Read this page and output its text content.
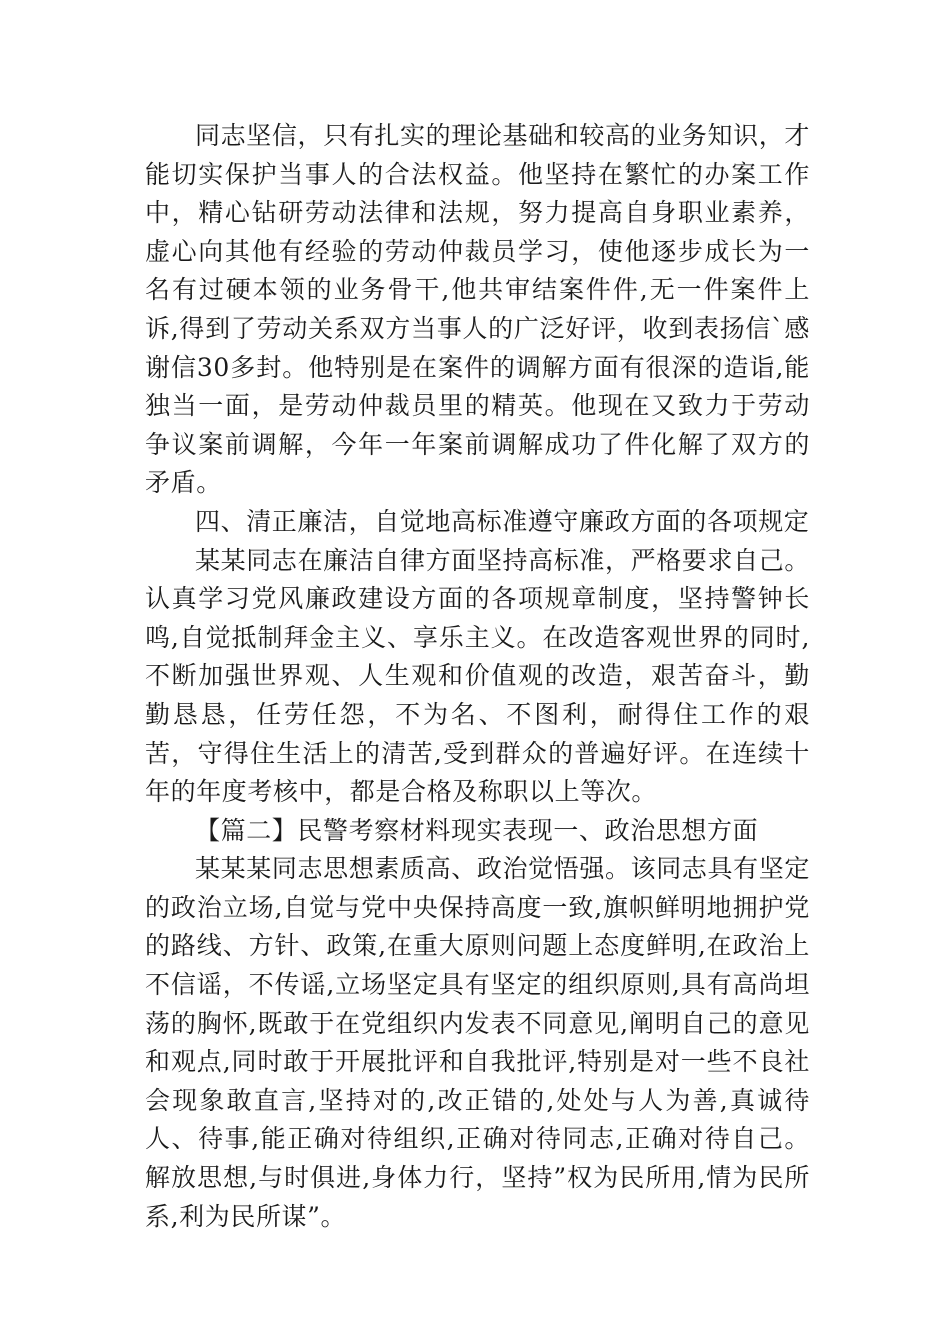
同志坚信，只有扎实的理论基础和较高的业务知识，才能切实保护当事人的合法权益。他坚持在繁忙的办案工作中，精心钻研劳动法律和法规，努力提高自身职业素养，虚心向其他有经验的劳动仲裁员学习，使他逐步成长为一名有过硬本领的业务骨干,他共审结案件件,无一件案件上诉,得到了劳动关系双方当事人的广泛好评，收到表扬信`感谢信30多封。他特别是在案件的调解方面有很深的造诣,能独当一面，是劳动仲裁员里的精英。他现在又致力于劳动争议案前调解，今年一年案前调解成功了件化解了双方的矛盾。

四、清正廉洁，自觉地高标准遵守廉政方面的各项规定

某某同志在廉洁自律方面坚持高标准，严格要求自己。认真学习党风廉政建设方面的各项规章制度，坚持警钟长鸣,自觉抵制拜金主义、享乐主义。在改造客观世界的同时,不断加强世界观、人生观和价值观的改造，艰苦奋斗，勤勤恳恳，任劳任怨，不为名、不图利，耐得住工作的艰苦，守得住生活上的清苦,受到群众的普遍好评。在连续十年的年度考核中，都是合格及称职以上等次。

【篇二】民警考察材料现实表现一、政治思想方面

某某某同志思想素质高、政治觉悟强。该同志具有坚定的政治立场,自觉与党中央保持高度一致,旗帜鲜明地拥护党的路线、方针、政策,在重大原则问题上态度鲜明,在政治上不信谣，不传谣,立场坚定具有坚定的组织原则,具有高尚坦荡的胸怀,既敢于在党组织内发表不同意见,阐明自己的意见和观点,同时敢于开展批评和自我批评,特别是对一些不良社会现象敢直言,坚持对的,改正错的,处处与人为善,真诚待人、待事,能正确对待组织,正确对待同志,正确对待自己。解放思想,与时俱进,身体力行，坚持”权为民所用,情为民所系,利为民所谋”。
